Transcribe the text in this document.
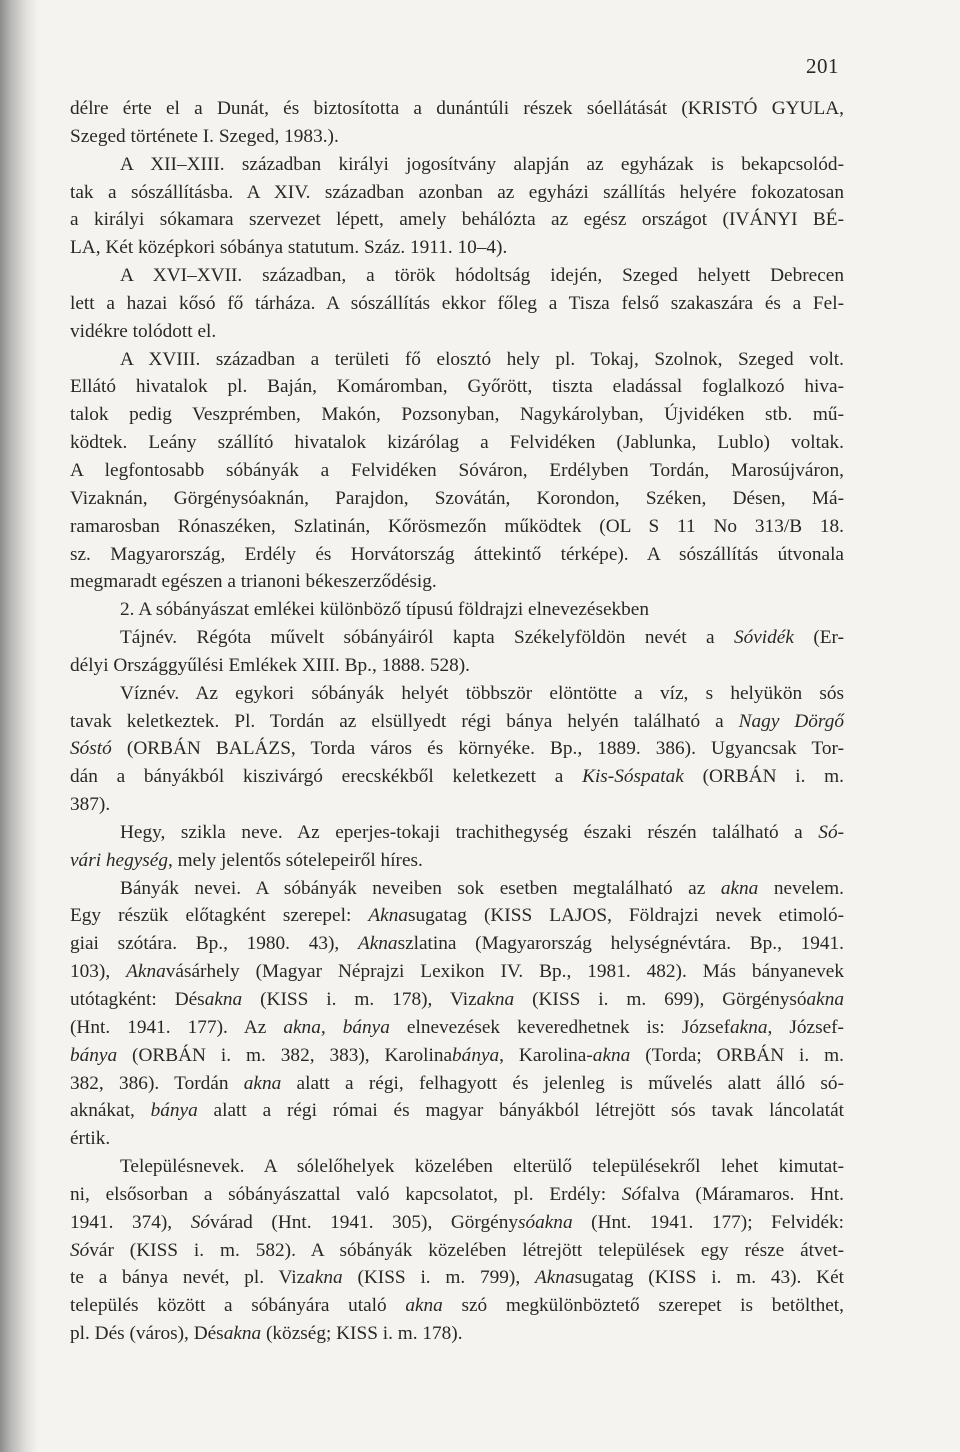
201
délre érte el a Dunát, és biztosította a dunántúli részek sóellátását (KRISTÓ GYULA,
Szeged története I. Szeged, 1983.).
A XII–XIII. században királyi jogosítvány alapján az egyházak is bekapcsolód-
tak a sószállításba. A XIV. században azonban az egyházi szállítás helyére fokozatosan
a királyi sókamara szervezet lépett, amely behálózta az egész országot (IVÁNYI BÉ-
LA, Két középkori sóbánya statutum. Száz. 1911. 10–4).
A XVI–XVII. században, a török hódoltság idején, Szeged helyett Debrecen
lett a hazai kősó fő tárháza. A sószállítás ekkor főleg a Tisza felső szakaszára és a Fel-
vidékre tolódott el.
A XVIII. században a területi fő elosztó hely pl. Tokaj, Szolnok, Szeged volt.
Ellátó hivatalok pl. Baján, Komáromban, Győrött, tiszta eladással foglalkozó hiva-
talok pedig Veszprémben, Makón, Pozsonyban, Nagykárolyban, Újvidéken stb. mű-
ködtek. Leány szállító hivatalok kizárólag a Felvidéken (Jablunka, Lublo) voltak.
A legfontosabb sóbányák a Felvidéken Sóváron, Erdélyben Tordán, Marosújváron,
Vizaknán, Görgénysóaknán, Parajdon, Szovátán, Korondon, Széken, Désen, Má-
ramarosban Rónaszéken, Szlatinán, Kőrösmezőn működtek (OL S 11 No 313/B 18.
sz. Magyarország, Erdély és Horvátország áttekintő térképe). A sószállítás útvonala
megmaradt egészen a trianoni békeszerződésig.
2. A sóbányászat emlékei különböző típusú földrajzi elnevezésekben
Tájnév. Régóta művelt sóbányáiról kapta Székelyföldön nevét a Sóvidék (Er-
délyi Országgyűlési Emlékek XIII. Bp., 1888. 528).
Víznév. Az egykori sóbányák helyét többször elöntötte a víz, s helyükön sós
tavak keletkeztek. Pl. Tordán az elsüllyedt régi bánya helyén található a Nagy Dörgő
Sóstó (ORBÁN BALÁZS, Torda város és környéke. Bp., 1889. 386). Ugyancsak Tor-
dán a bányákból kiszivárgó erecskékből keletkezett a Kis-Sóspatak (ORBÁN i. m.
387).
Hegy, szikla neve. Az eperjes-tokaji trachithegység északi részén található a Só-
vári hegység, mely jelentős sótelepeiről híres.
Bányák nevei. A sóbányák neveiben sok esetben megtalálható az akna nevelem.
Egy részük előtagként szerepel: Aknasugatag (KISS LAJOS, Földrajzi nevek etimoló-
giai szótára. Bp., 1980. 43), Aknaszlatina (Magyarország helységnévtára. Bp., 1941.
103), Aknavásárhely (Magyar Néprajzi Lexikon IV. Bp., 1981. 482). Más bányanevek
utótagként: Désakna (KISS i. m. 178), Vizakna (KISS i. m. 699), Görgénysóakna
(Hnt. 1941. 177). Az akna, bánya elnevezések keveredhetnek is: Józsefakna, József-
bánya (ORBÁN i. m. 382, 383), Karolinabánya, Karolina-akna (Torda; ORBÁN i. m.
382, 386). Tordán akna alatt a régi, felhagyott és jelenleg is művelés alatt álló só-
aknákat, bánya alatt a régi római és magyar bányákból létrejött sós tavak láncolatát
értik.
Településnevek. A sólelőhelyek közelében elterülő településekről lehet kimutat-
ni, elsősorban a sóbányászattal való kapcsolatot, pl. Erdély: Sófalva (Máramaros. Hnt.
1941. 374), Sóvárad (Hnt. 1941. 305), Görgénysóakna (Hnt. 1941. 177); Felvidék:
Sóvár (KISS i. m. 582). A sóbányák közelében létrejött települések egy része átvet-
te a bánya nevét, pl. Vizakna (KISS i. m. 799), Aknasugatag (KISS i. m. 43). Két
település között a sóbányára utaló akna szó megkülönböztető szerepet is betölthet,
pl. Dés (város), Désakna (község; KISS i. m. 178).
